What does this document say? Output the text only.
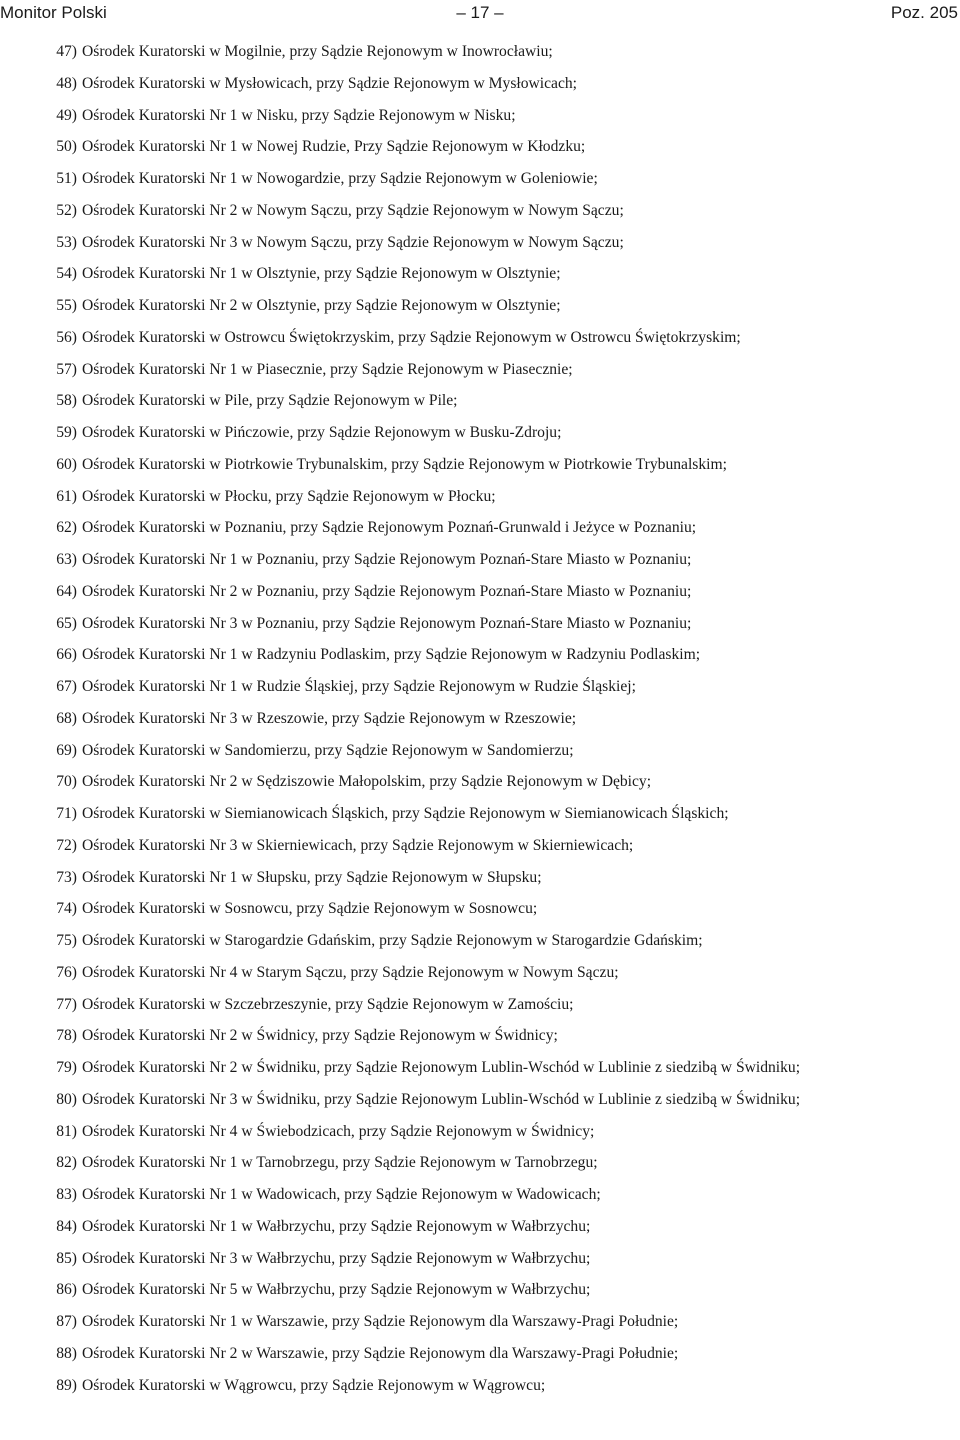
Monitor Polski	– 17 –	Poz. 205
47) Ośrodek Kuratorski w Mogilnie, przy Sądzie Rejonowym w Inowrocławiu;
48) Ośrodek Kuratorski w Mysłowicach, przy Sądzie Rejonowym w Mysłowicach;
49) Ośrodek Kuratorski Nr 1 w Nisku, przy Sądzie Rejonowym w Nisku;
50) Ośrodek Kuratorski Nr 1 w Nowej Rudzie, Przy Sądzie Rejonowym w Kłodzku;
51) Ośrodek Kuratorski Nr 1 w Nowogardzie, przy Sądzie Rejonowym w Goleniowie;
52) Ośrodek Kuratorski Nr 2 w Nowym Sączu, przy Sądzie Rejonowym w Nowym Sączu;
53) Ośrodek Kuratorski Nr 3 w Nowym Sączu, przy Sądzie Rejonowym w Nowym Sączu;
54) Ośrodek Kuratorski Nr 1 w Olsztynie, przy Sądzie Rejonowym w Olsztynie;
55) Ośrodek Kuratorski Nr 2 w Olsztynie, przy Sądzie Rejonowym w Olsztynie;
56) Ośrodek Kuratorski w Ostrowcu Świętokrzyskim, przy Sądzie Rejonowym w Ostrowcu Świętokrzyskim;
57) Ośrodek Kuratorski Nr 1 w Piasecznie, przy Sądzie Rejonowym w Piasecznie;
58) Ośrodek Kuratorski w Pile, przy Sądzie Rejonowym w Pile;
59) Ośrodek Kuratorski w Pińczowie, przy Sądzie Rejonowym w Busku-Zdroju;
60) Ośrodek Kuratorski w Piotrkowie Trybunalskim, przy Sądzie Rejonowym w Piotrkowie Trybunalskim;
61) Ośrodek Kuratorski w Płocku, przy Sądzie Rejonowym w Płocku;
62) Ośrodek Kuratorski w Poznaniu, przy Sądzie Rejonowym Poznań-Grunwald i Jeżyce w Poznaniu;
63) Ośrodek Kuratorski Nr 1 w Poznaniu, przy Sądzie Rejonowym Poznań-Stare Miasto w Poznaniu;
64) Ośrodek Kuratorski Nr 2 w Poznaniu, przy Sądzie Rejonowym Poznań-Stare Miasto w Poznaniu;
65) Ośrodek Kuratorski Nr 3 w Poznaniu, przy Sądzie Rejonowym Poznań-Stare Miasto w Poznaniu;
66) Ośrodek Kuratorski Nr 1 w Radzyniu Podlaskim, przy Sądzie Rejonowym w Radzyniu Podlaskim;
67) Ośrodek Kuratorski Nr 1 w Rudzie Śląskiej, przy Sądzie Rejonowym w Rudzie Śląskiej;
68) Ośrodek Kuratorski Nr 3 w Rzeszowie, przy Sądzie Rejonowym w Rzeszowie;
69) Ośrodek Kuratorski w Sandomierzu, przy Sądzie Rejonowym w Sandomierzu;
70) Ośrodek Kuratorski Nr 2 w Sędziszowie Małopolskim, przy Sądzie Rejonowym w Dębicy;
71) Ośrodek Kuratorski w Siemianowicach Śląskich, przy Sądzie Rejonowym w Siemianowicach Śląskich;
72) Ośrodek Kuratorski Nr 3 w Skierniewicach, przy Sądzie Rejonowym w Skierniewicach;
73) Ośrodek Kuratorski Nr 1 w Słupsku, przy Sądzie Rejonowym w Słupsku;
74) Ośrodek Kuratorski w Sosnowcu, przy Sądzie Rejonowym w Sosnowcu;
75) Ośrodek Kuratorski w Starogardzie Gdańskim, przy Sądzie Rejonowym w Starogardzie Gdańskim;
76) Ośrodek Kuratorski Nr 4 w Starym Sączu, przy Sądzie Rejonowym w Nowym Sączu;
77) Ośrodek Kuratorski w Szczebrzeszynie, przy Sądzie Rejonowym w Zamościu;
78) Ośrodek Kuratorski Nr 2 w Świdnicy, przy Sądzie Rejonowym w Świdnicy;
79) Ośrodek Kuratorski Nr 2 w Świdniku, przy Sądzie Rejonowym Lublin-Wschód w Lublinie z siedzibą w Świdniku;
80) Ośrodek Kuratorski Nr 3 w Świdniku, przy Sądzie Rejonowym Lublin-Wschód w Lublinie z siedzibą w Świdniku;
81) Ośrodek Kuratorski Nr 4 w Świebodzicach, przy Sądzie Rejonowym w Świdnicy;
82) Ośrodek Kuratorski Nr 1 w Tarnobrzegu, przy Sądzie Rejonowym w Tarnobrzegu;
83) Ośrodek Kuratorski Nr 1 w Wadowicach, przy Sądzie Rejonowym w Wadowicach;
84) Ośrodek Kuratorski Nr 1 w Wałbrzychu, przy Sądzie Rejonowym w Wałbrzychu;
85) Ośrodek Kuratorski Nr 3 w Wałbrzychu, przy Sądzie Rejonowym w Wałbrzychu;
86) Ośrodek Kuratorski Nr 5 w Wałbrzychu, przy Sądzie Rejonowym w Wałbrzychu;
87) Ośrodek Kuratorski Nr 1 w Warszawie, przy Sądzie Rejonowym dla Warszawy-Pragi Południe;
88) Ośrodek Kuratorski Nr 2 w Warszawie, przy Sądzie Rejonowym dla Warszawy-Pragi Południe;
89) Ośrodek Kuratorski w Wągrowcu, przy Sądzie Rejonowym w Wągrowcu;
